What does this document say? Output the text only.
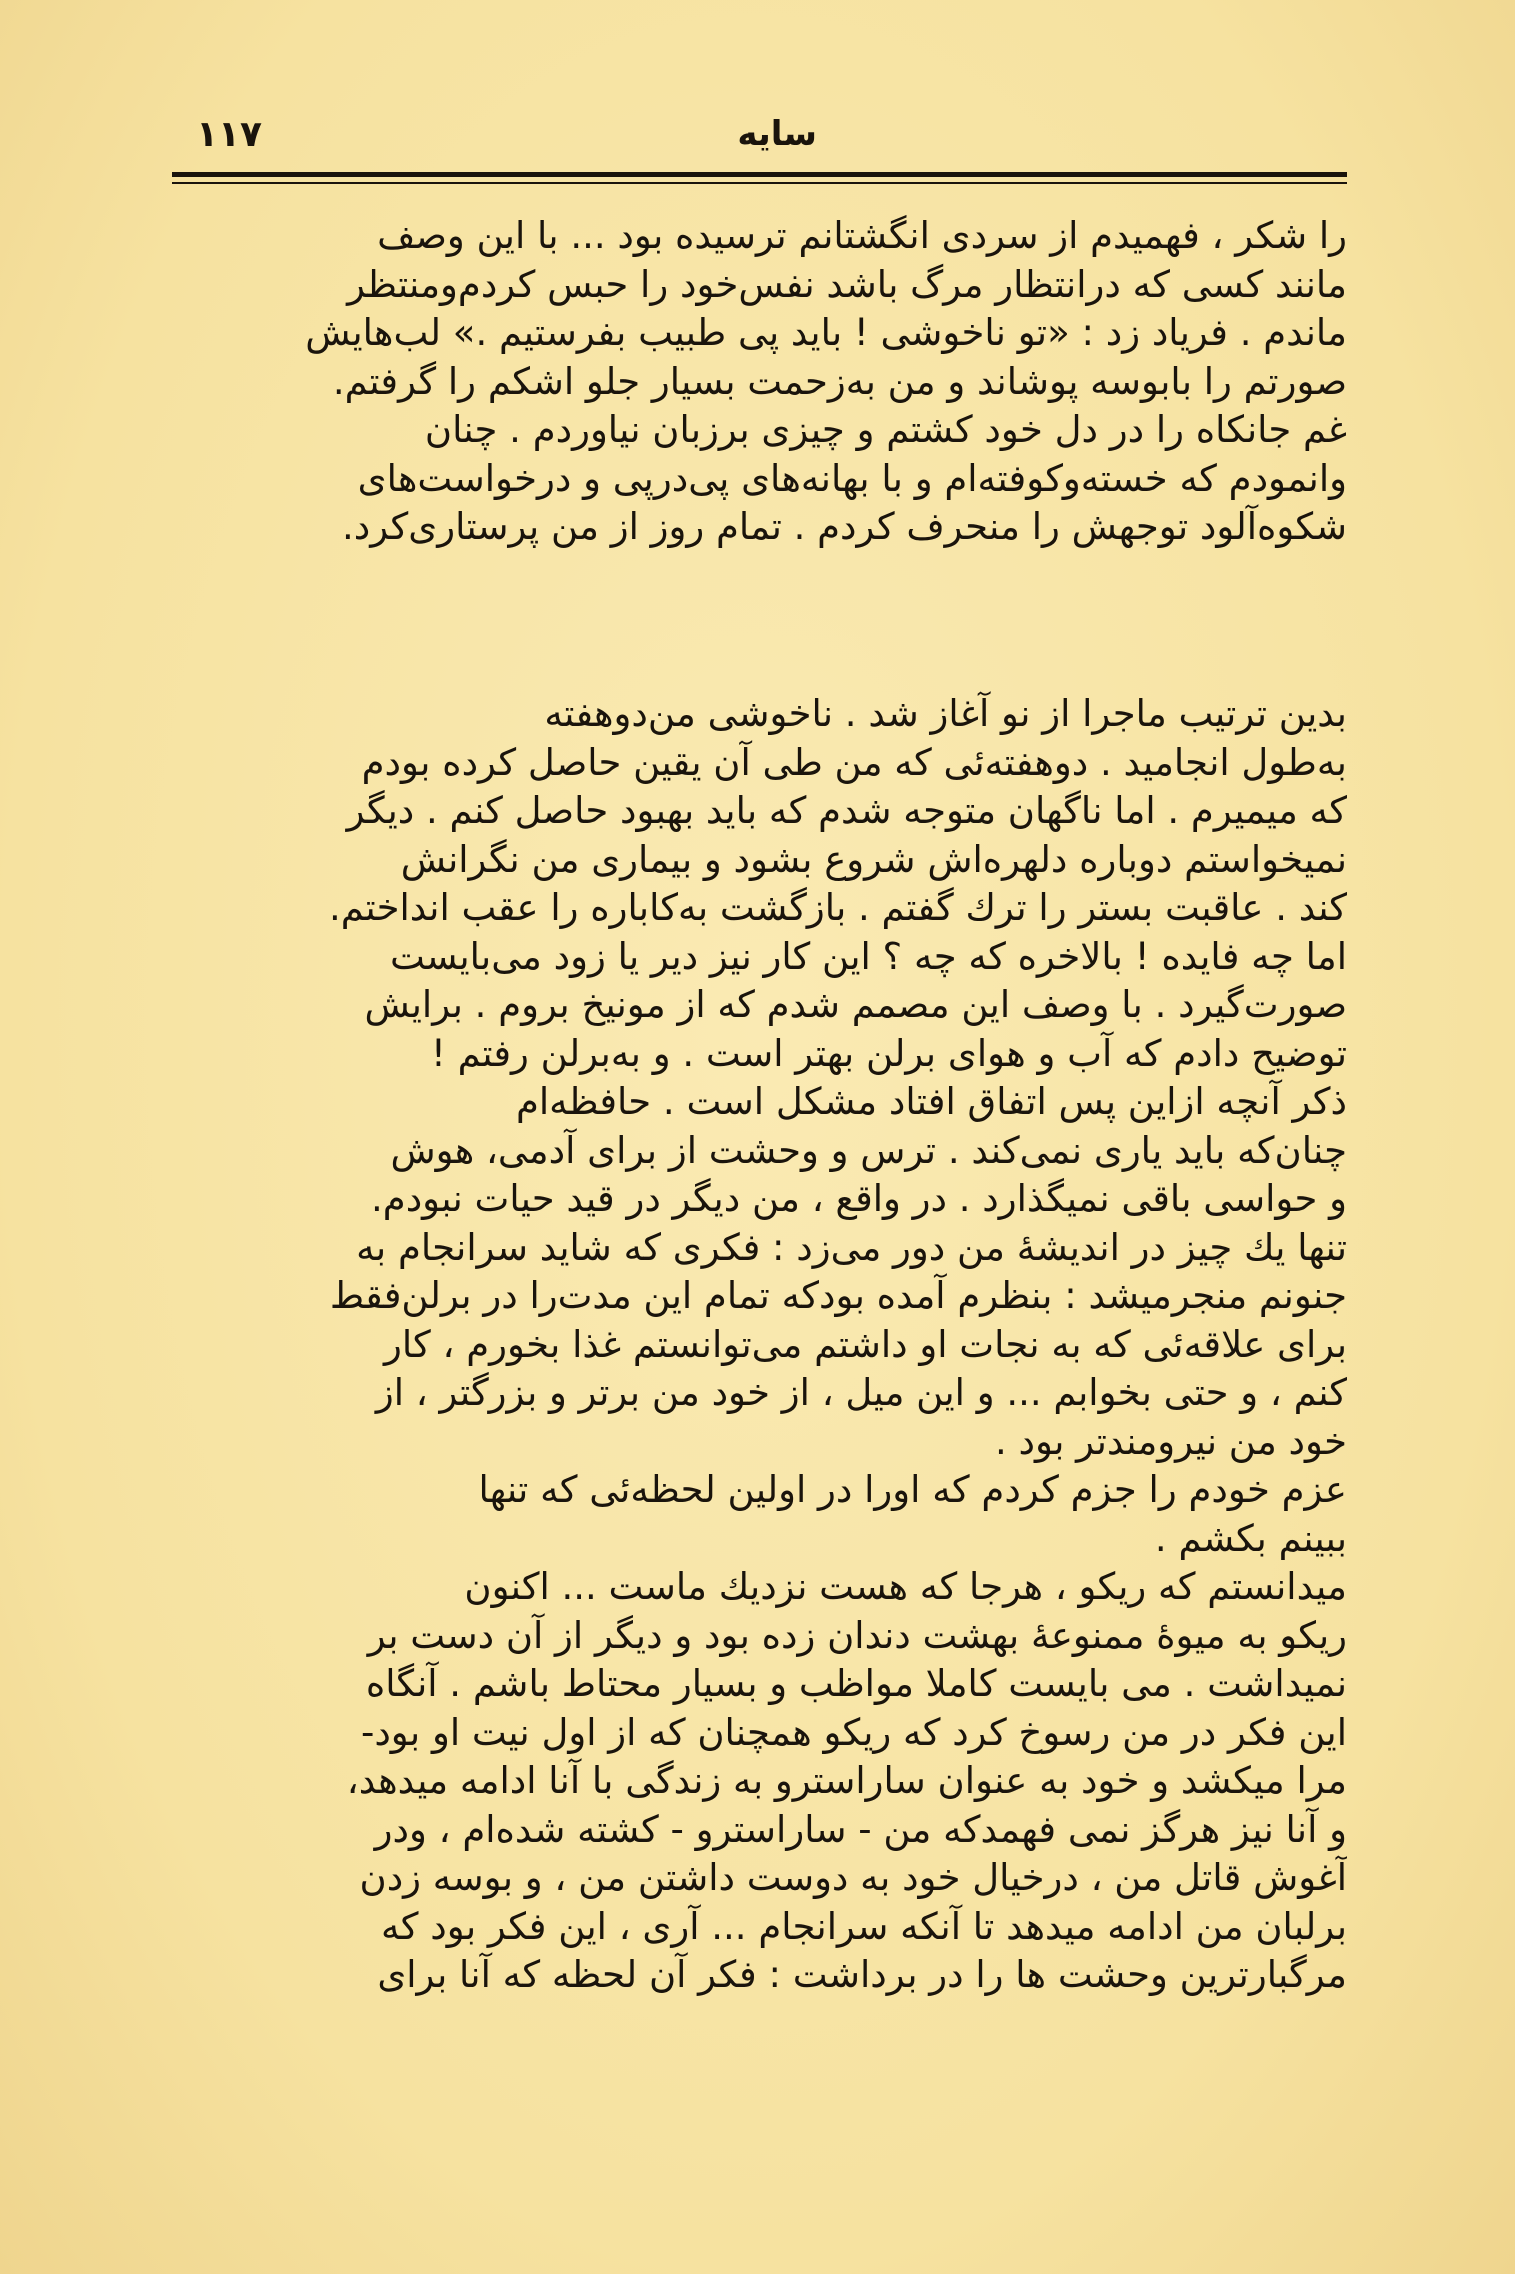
سایه
۱۱۷
را شکر ، فهمیدم از سردی انگشتانم ترسیده بود ... با این وصف
مانند کسی که درانتظار مرگ باشد نفس‌خود را حبس کردم‌ومنتظر
ماندم . فریاد زد : «تو ناخوشی ! باید پی طبیب بفرستیم .» لب‌هایش
صورتم را بابوسه پوشاند و من به‌زحمت بسیار جلو اشکم را گرفتم.
غم جانکاه را در دل خود کشتم و چیزی برزبان نیاوردم . چنان
وانمودم که خسته‌وکوفته‌ام و با بهانه‌های پی‌درپی و درخواست‌های
شکوه‌آلود توجهش را منحرف کردم . تمام روز از من پرستاری‌کرد.
بدین ترتیب ماجرا از نو آغاز شد . ناخوشی من‌دوهفته
به‌طول انجامید . دوهفته‌ئی که من طی آن یقین حاصل کرده بودم
که میمیرم . اما ناگهان متوجه شدم که باید بهبود حاصل کنم . دیگر
نمیخواستم دوباره دلهره‌اش شروع بشود و بیماری من نگرانش
کند . عاقبت بستر را ترك گفتم . بازگشت به‌کاباره را عقب انداختم.
اما چه فایده ! بالاخره که چه ؟ این کار نیز دیر یا زود می‌بایست
صورت‌گیرد . با وصف این مصمم شدم که از مونیخ بروم . برایش
توضیح دادم که آب و هوای برلن بهتر است . و به‌برلن رفتم !
ذکر آنچه ازاین پس اتفاق افتاد مشکل است . حافظه‌ام
چنان‌که باید یاری نمی‌کند . ترس و وحشت از برای آدمی، هوش
و حواسی باقی نمیگذارد . در واقع ، من دیگر در قید حیات نبودم.
تنها یك چیز در اندیشهٔ من دور می‌زد : فکری که شاید سرانجام به
جنونم منجرمیشد : بنظرم آمده بودکه تمام این مدت‌را در برلن‌فقط
برای علاقه‌ئی که به نجات او داشتم می‌توانستم غذا بخورم ، کار
کنم ، و حتی بخوابم ... و این میل ، از خود من برتر و بزرگتر ، از
خود من نیرومندتر بود .
عزم خودم را جزم کردم که اورا در اولین لحظه‌ئی که تنها
ببینم بکشم .
میدانستم که ریکو ، هرجا که هست نزدیك ماست ... اکنون
ریکو به میوهٔ ممنوعهٔ بهشت دندان زده بود و دیگر از آن دست بر
نمیداشت . می بایست کاملا مواظب و بسیار محتاط باشم . آنگاه
این فکر در من رسوخ کرد که ریکو همچنان که از اول نیت او بود-
مرا میکشد و خود به عنوان ساراسترو به زندگی با آنا ادامه میدهد،
و آنا نیز هرگز نمی فهمدکه من - ساراسترو - کشته شده‌ام ، ودر
آغوش قاتل من ، درخیال خود به دوست داشتن من ، و بوسه زدن
برلبان من ادامه میدهد تا آنکه سرانجام ... آری ، این فکر بود که
مرگبارترین وحشت ها را در برداشت : فکر آن لحظه که آنا برای
